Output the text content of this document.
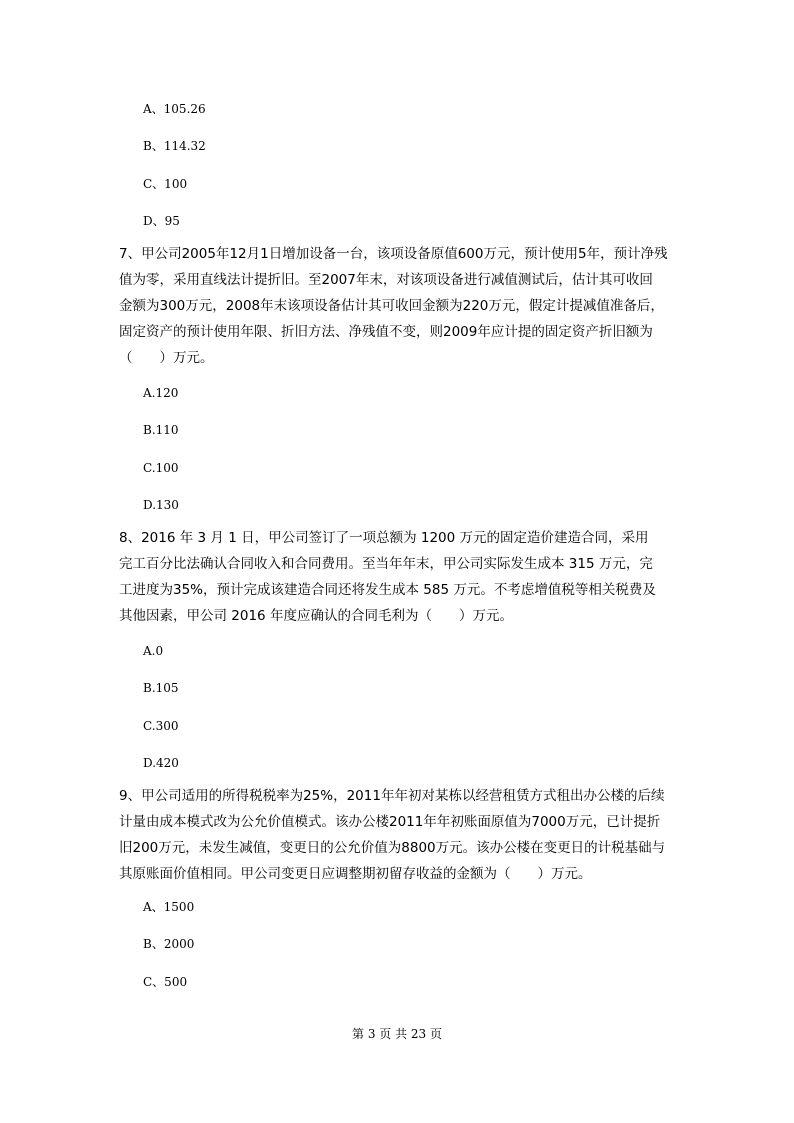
A、105.26
B、114.32
C、100
D、95

7、甲公司2005年12月1日增加设备一台，该项设备原值600万元，预计使用5年，预计净残

值为零，采用直线法计提折旧。至2007年末，对该项设备进行减值测试后，估计其可收回

金额为300万元，2008年末该项设备估计其可收回金额为220万元，假定计提减值准备后，

固定资产的预计使用年限、折旧方法、净残值不变，则2009年应计提的固定资产折旧额为

（　　）万元。

A.120
B.110
C.100
D.130

8、2016 年 3 月 1 日，甲公司签订了一项总额为 1200 万元的固定造价建造合同，采用

完工百分比法确认合同收入和合同费用。至当年年末，甲公司实际发生成本 315 万元，完

工进度为35%，预计完成该建造合同还将发生成本 585 万元。不考虑增值税等相关税费及

其他因素，甲公司 2016 年度应确认的合同毛利为（　　）万元。

A.0
B.105
C.300
D.420

9、甲公司适用的所得税税率为25%，2011年年初对某栋以经营租赁方式租出办公楼的后续

计量由成本模式改为公允价值模式。该办公楼2011年年初账面原值为7000万元，已计提折

旧200万元，未发生减值，变更日的公允价值为8800万元。该办公楼在变更日的计税基础与

其原账面价值相同。甲公司变更日应调整期初留存收益的金额为（　　）万元。

A、1500
B、2000
C、500
第 3 页 共 23 页
